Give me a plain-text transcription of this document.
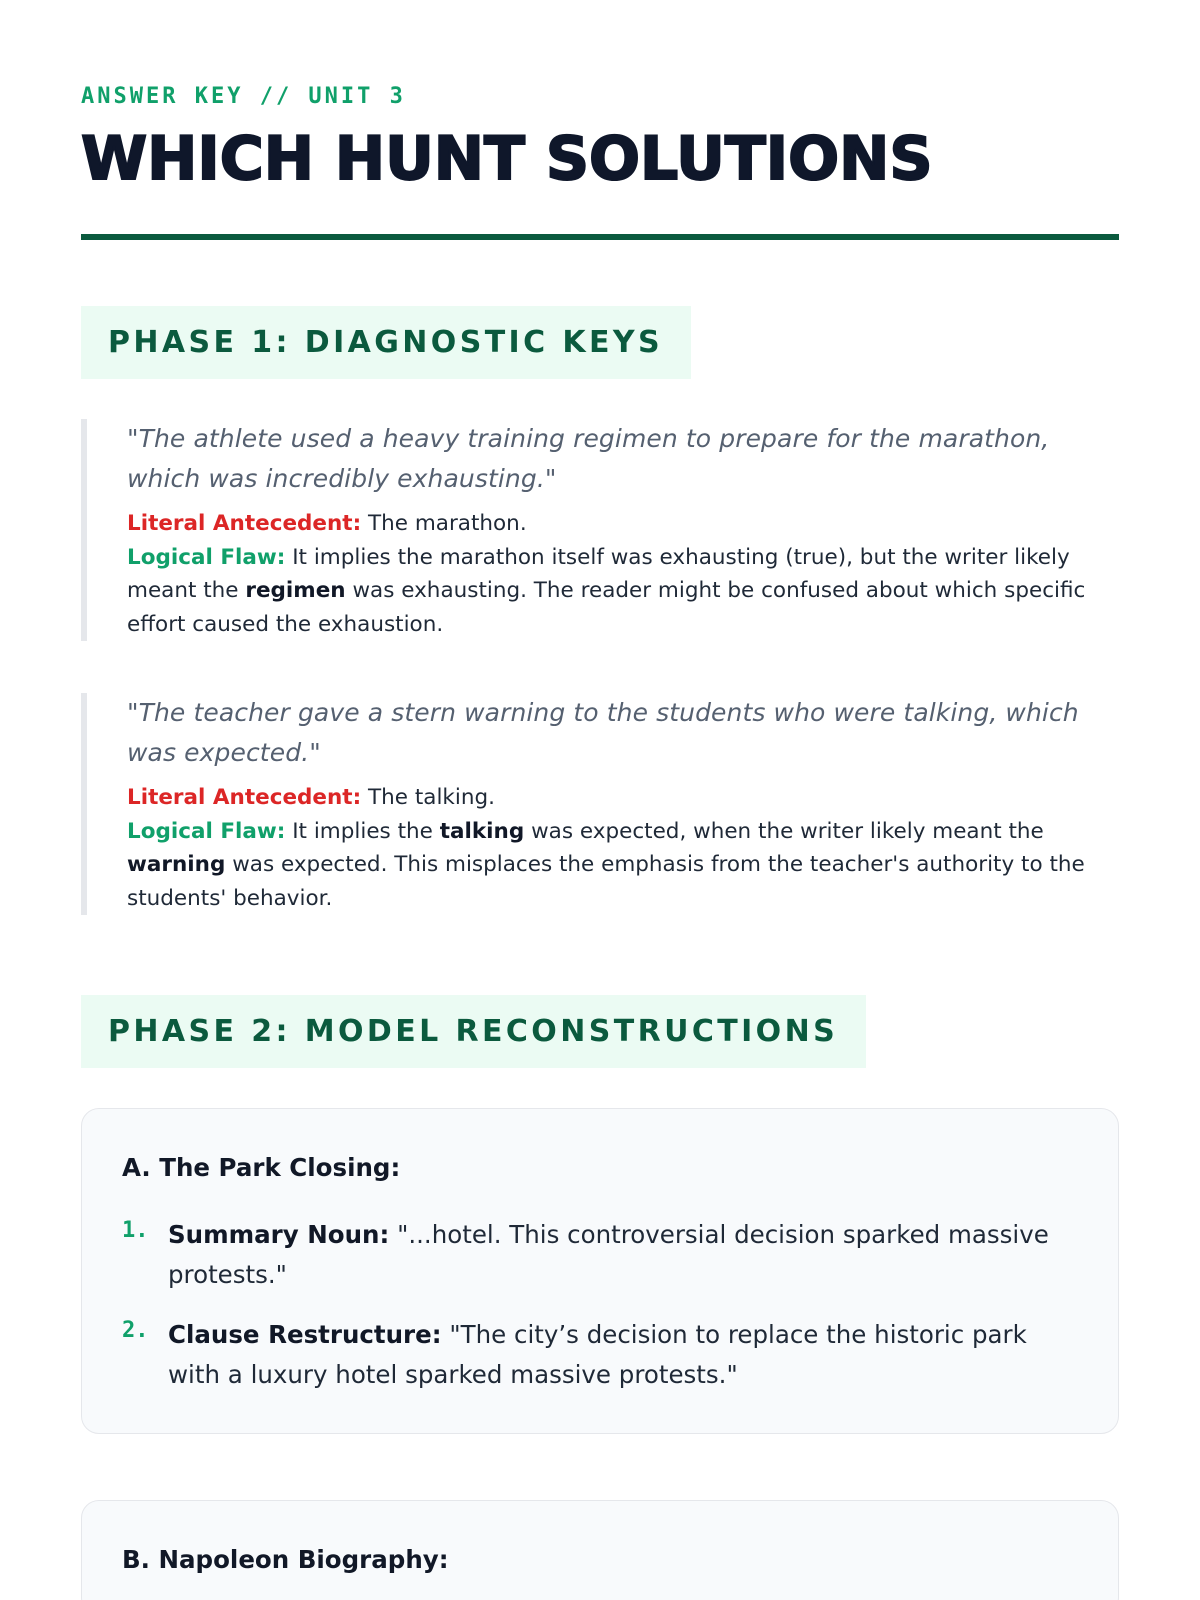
ANSWER KEY // UNIT 3

WHICH HUNT SOLUTIONS
PHASE 1: DIAGNOSTIC KEYS

"The athlete used a heavy training regimen to prepare for the marathon, which was incredibly exhausting."

Literal Antecedent: The marathon.
Logical Flaw: It implies the marathon itself was exhausting (true), but the writer likely meant the regimen was exhausting. The reader might be confused about which specific effort caused the exhaustion.

"The teacher gave a stern warning to the students who were talking, which was expected."

Literal Antecedent: The talking.
Logical Flaw: It implies the talking was expected, when the writer likely meant the warning was expected. This misplaces the emphasis from the teacher's authority to the students' behavior.
PHASE 2: MODEL RECONSTRUCTIONS
A. The Park Closing:
1. Summary Noun: "...hotel. This controversial decision sparked massive protests."
2. Clause Restructure: "The city’s decision to replace the historic park with a luxury hotel sparked massive protests."
B. Napoleon Biography:
